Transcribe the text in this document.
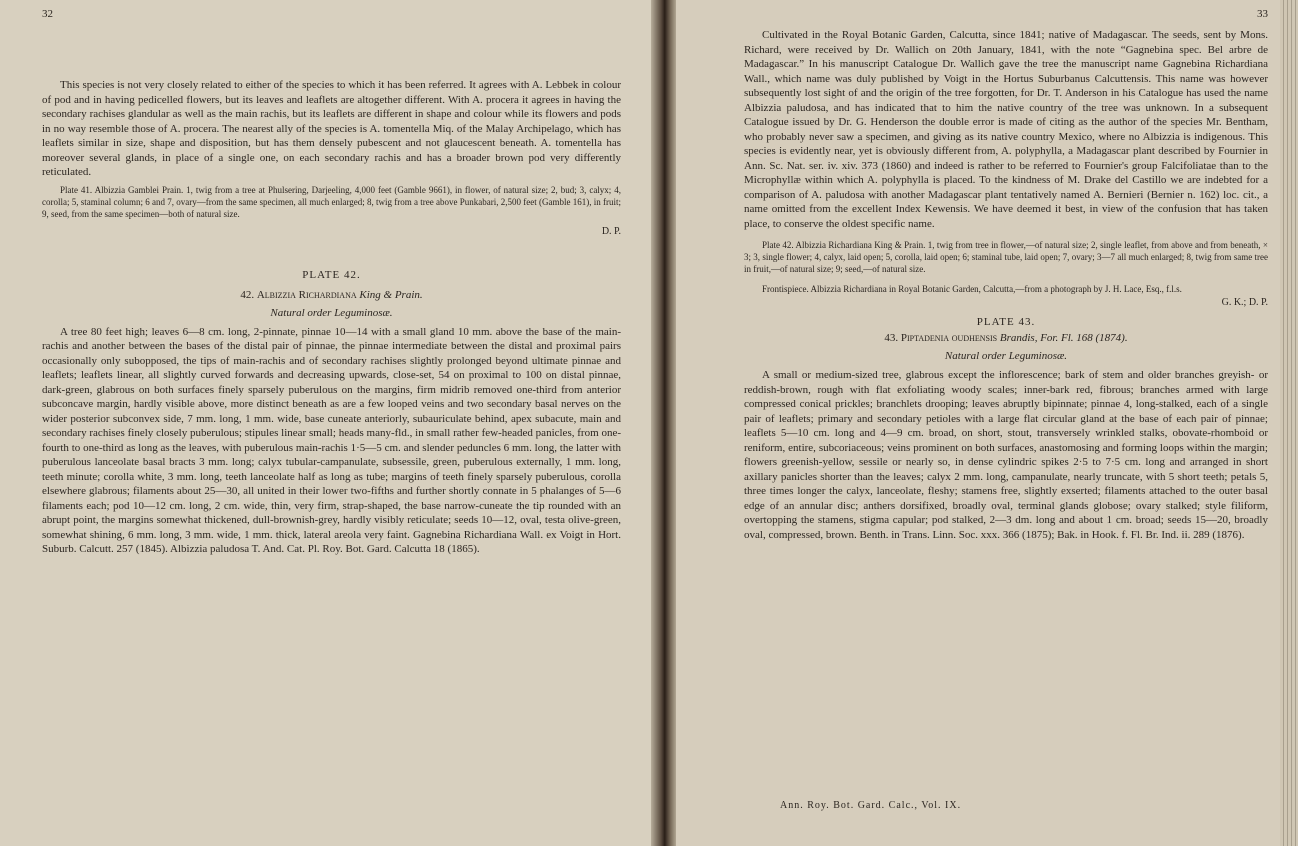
32

This species is not very closely related to either of the species to which it has been referred. It agrees with A. Lebbek in colour of pod and in having pedicelled flowers, but its leaves and leaflets are altogether different. With A. procera it agrees in having the secondary rachises glandular as well as the main rachis, but its leaflets are different in shape and colour while its flowers and pods in no way resemble those of A. procera. The nearest ally of the species is A. tomentella Miq. of the Malay Archipelago, which has leaflets similar in size, shape and disposition, but has them densely pubescent and not glaucescent beneath. A. tomentella has moreover several glands, in place of a single one, on each secondary rachis and has a broader brown pod very differently reticulated.

Plate 41. Albizzia Gamblei Prain. 1, twig from a tree at Phulsering, Darjeeling, 4,000 feet (Gamble 9661), in flower, of natural size; 2, bud; 3, calyx; 4, corolla; 5, staminal column; 6 and 7, ovary—from the same specimen, all much enlarged; 8, twig from a tree above Punkabari, 2,500 feet (Gamble 161), in fruit; 9, seed, from the same specimen—both of natural size.
D. P.
PLATE 42.
42. Albizzia Richardiana King & Prain.
Natural order Leguminosæ.

A tree 80 feet high; leaves 6—8 cm. long, 2-pinnate, pinnae 10—14 with a small gland 10 mm. above the base of the main-rachis and another between the bases of the distal pair of pinnae, the pinnae intermediate between the distal and proximal pairs occasionally only subopposed, the tips of main-rachis and of secondary rachises slightly prolonged beyond ultimate pinnae and leaflets; leaflets linear, all slightly curved forwards and decreasing upwards, close-set, 54 on proximal to 100 on distal pinnae, dark-green, glabrous on both surfaces finely sparsely puberulous on the margins, firm midrib removed one-third from anterior subconcave margin, hardly visible above, more distinct beneath as are a few looped veins and two secondary basal nerves on the wider posterior subconvex side, 7 mm. long, 1 mm. wide, base cuneate anteriorly, subauriculate behind, apex subacute, main and secondary rachises finely closely puberulous; stipules linear small; heads many-fld., in small rather few-headed panicles, from one-fourth to one-third as long as the leaves, with puberulous main-rachis 1·5—5 cm. and slender peduncles 6 mm. long, the latter with puberulous lanceolate basal bracts 3 mm. long; calyx tubular-campanulate, subsessile, green, puberulous externally, 1 mm. long, teeth minute; corolla white, 3 mm. long, teeth lanceolate half as long as tube; margins of teeth finely sparsely puberulous, corolla elsewhere glabrous; filaments about 25—30, all united in their lower two-fifths and further shortly connate in 5 phalanges of 5—6 filaments each; pod 10—12 cm. long, 2 cm. wide, thin, very firm, strap-shaped, the base narrow-cuneate the tip rounded with an abrupt point, the margins somewhat thickened, dull-brownish-grey, hardly visibly reticulate; seeds 10—12, oval, testa olive-green, somewhat shining, 6 mm. long, 3 mm. wide, 1 mm. thick, lateral areola very faint. Gagnebina Richardiana Wall. ex Voigt in Hort. Suburb. Calcutt. 257 (1845). Albizzia paludosa T. And. Cat. Pl. Roy. Bot. Gard. Calcutta 18 (1865).

33

Cultivated in the Royal Botanic Garden, Calcutta, since 1841; native of Madagascar. The seeds, sent by Mons. Richard, were received by Dr. Wallich on 20th January, 1841, with the note “Gagnebina spec. Bel arbre de Madagascar.” In his manuscript Catalogue Dr. Wallich gave the tree the manuscript name Gagnebina Richardiana Wall., which name was duly published by Voigt in the Hortus Suburbanus Calcuttensis. This name was however subsequently lost sight of and the origin of the tree forgotten, for Dr. T. Anderson in his Catalogue has used the name Albizzia paludosa, and has indicated that to him the native country of the tree was unknown. In a subsequent Catalogue issued by Dr. G. Henderson the double error is made of citing as the author of the species Mr. Bentham, who probably never saw a specimen, and giving as its native country Mexico, where no Albizzia is indigenous. This species is evidently near, yet is obviously different from, A. polyphylla, a Madagascar plant described by Fournier in Ann. Sc. Nat. ser. iv. xiv. 373 (1860) and indeed is rather to be referred to Fournier's group Falcifoliatae than to the Microphyllæ within which A. polyphylla is placed. To the kindness of M. Drake del Castillo we are indebted for a comparison of A. paludosa with another Madagascar plant tentatively named A. Bernieri (Bernier n. 162) loc. cit., a name omitted from the excellent Index Kewensis. We have deemed it best, in view of the confusion that has taken place, to conserve the oldest specific name.

Plate 42. Albizzia Richardiana King & Prain. 1, twig from tree in flower,—of natural size; 2, single leaflet, from above and from beneath, × 3; 3, single flower; 4, calyx, laid open; 5, corolla, laid open; 6; staminal tube, laid open; 7, ovary; 3—7 all much enlarged; 8, twig from same tree in fruit,—of natural size; 9; seed,—of natural size.
Frontispiece. Albizzia Richardiana in Royal Botanic Garden, Calcutta,—from a photograph by J. H. Lace, Esq., f.l.s.
G. K.; D. P.
PLATE 43.
43. Piptadenia oudhensis Brandis, For. Fl. 168 (1874).
Natural order Leguminosæ.

A small or medium-sized tree, glabrous except the inflorescence; bark of stem and older branches greyish- or reddish-brown, rough with flat exfoliating woody scales; inner-bark red, fibrous; branches armed with large compressed conical prickles; branchlets drooping; leaves abruptly bipinnate; pinnae 4, long-stalked, each of a single pair of leaflets; primary and secondary petioles with a large flat circular gland at the base of each pair of pinnae; leaflets 5—10 cm. long and 4—9 cm. broad, on short, stout, transversely wrinkled stalks, obovate-rhomboid or reniform, entire, subcoriaceous; veins prominent on both surfaces, anastomosing and forming loops within the margin; flowers greenish-yellow, sessile or nearly so, in dense cylindric spikes 2·5 to 7·5 cm. long and arranged in short axillary panicles shorter than the leaves; calyx 2 mm. long, campanulate, nearly truncate, with 5 short teeth; petals 5, three times longer the calyx, lanceolate, fleshy; stamens free, slightly exserted; filaments attached to the outer basal edge of an annular disc; anthers dorsifixed, broadly oval, terminal glands globose; ovary stalked; style filiform, overtopping the stamens, stigma capular; pod stalked, 2—3 dm. long and about 1 cm. broad; seeds 15—20, broadly oval, compressed, brown. Benth. in Trans. Linn. Soc. xxx. 366 (1875); Bak. in Hook. f. Fl. Br. Ind. ii. 289 (1876).

Ann. Roy. Bot. Gard. Calc., Vol. IX.
